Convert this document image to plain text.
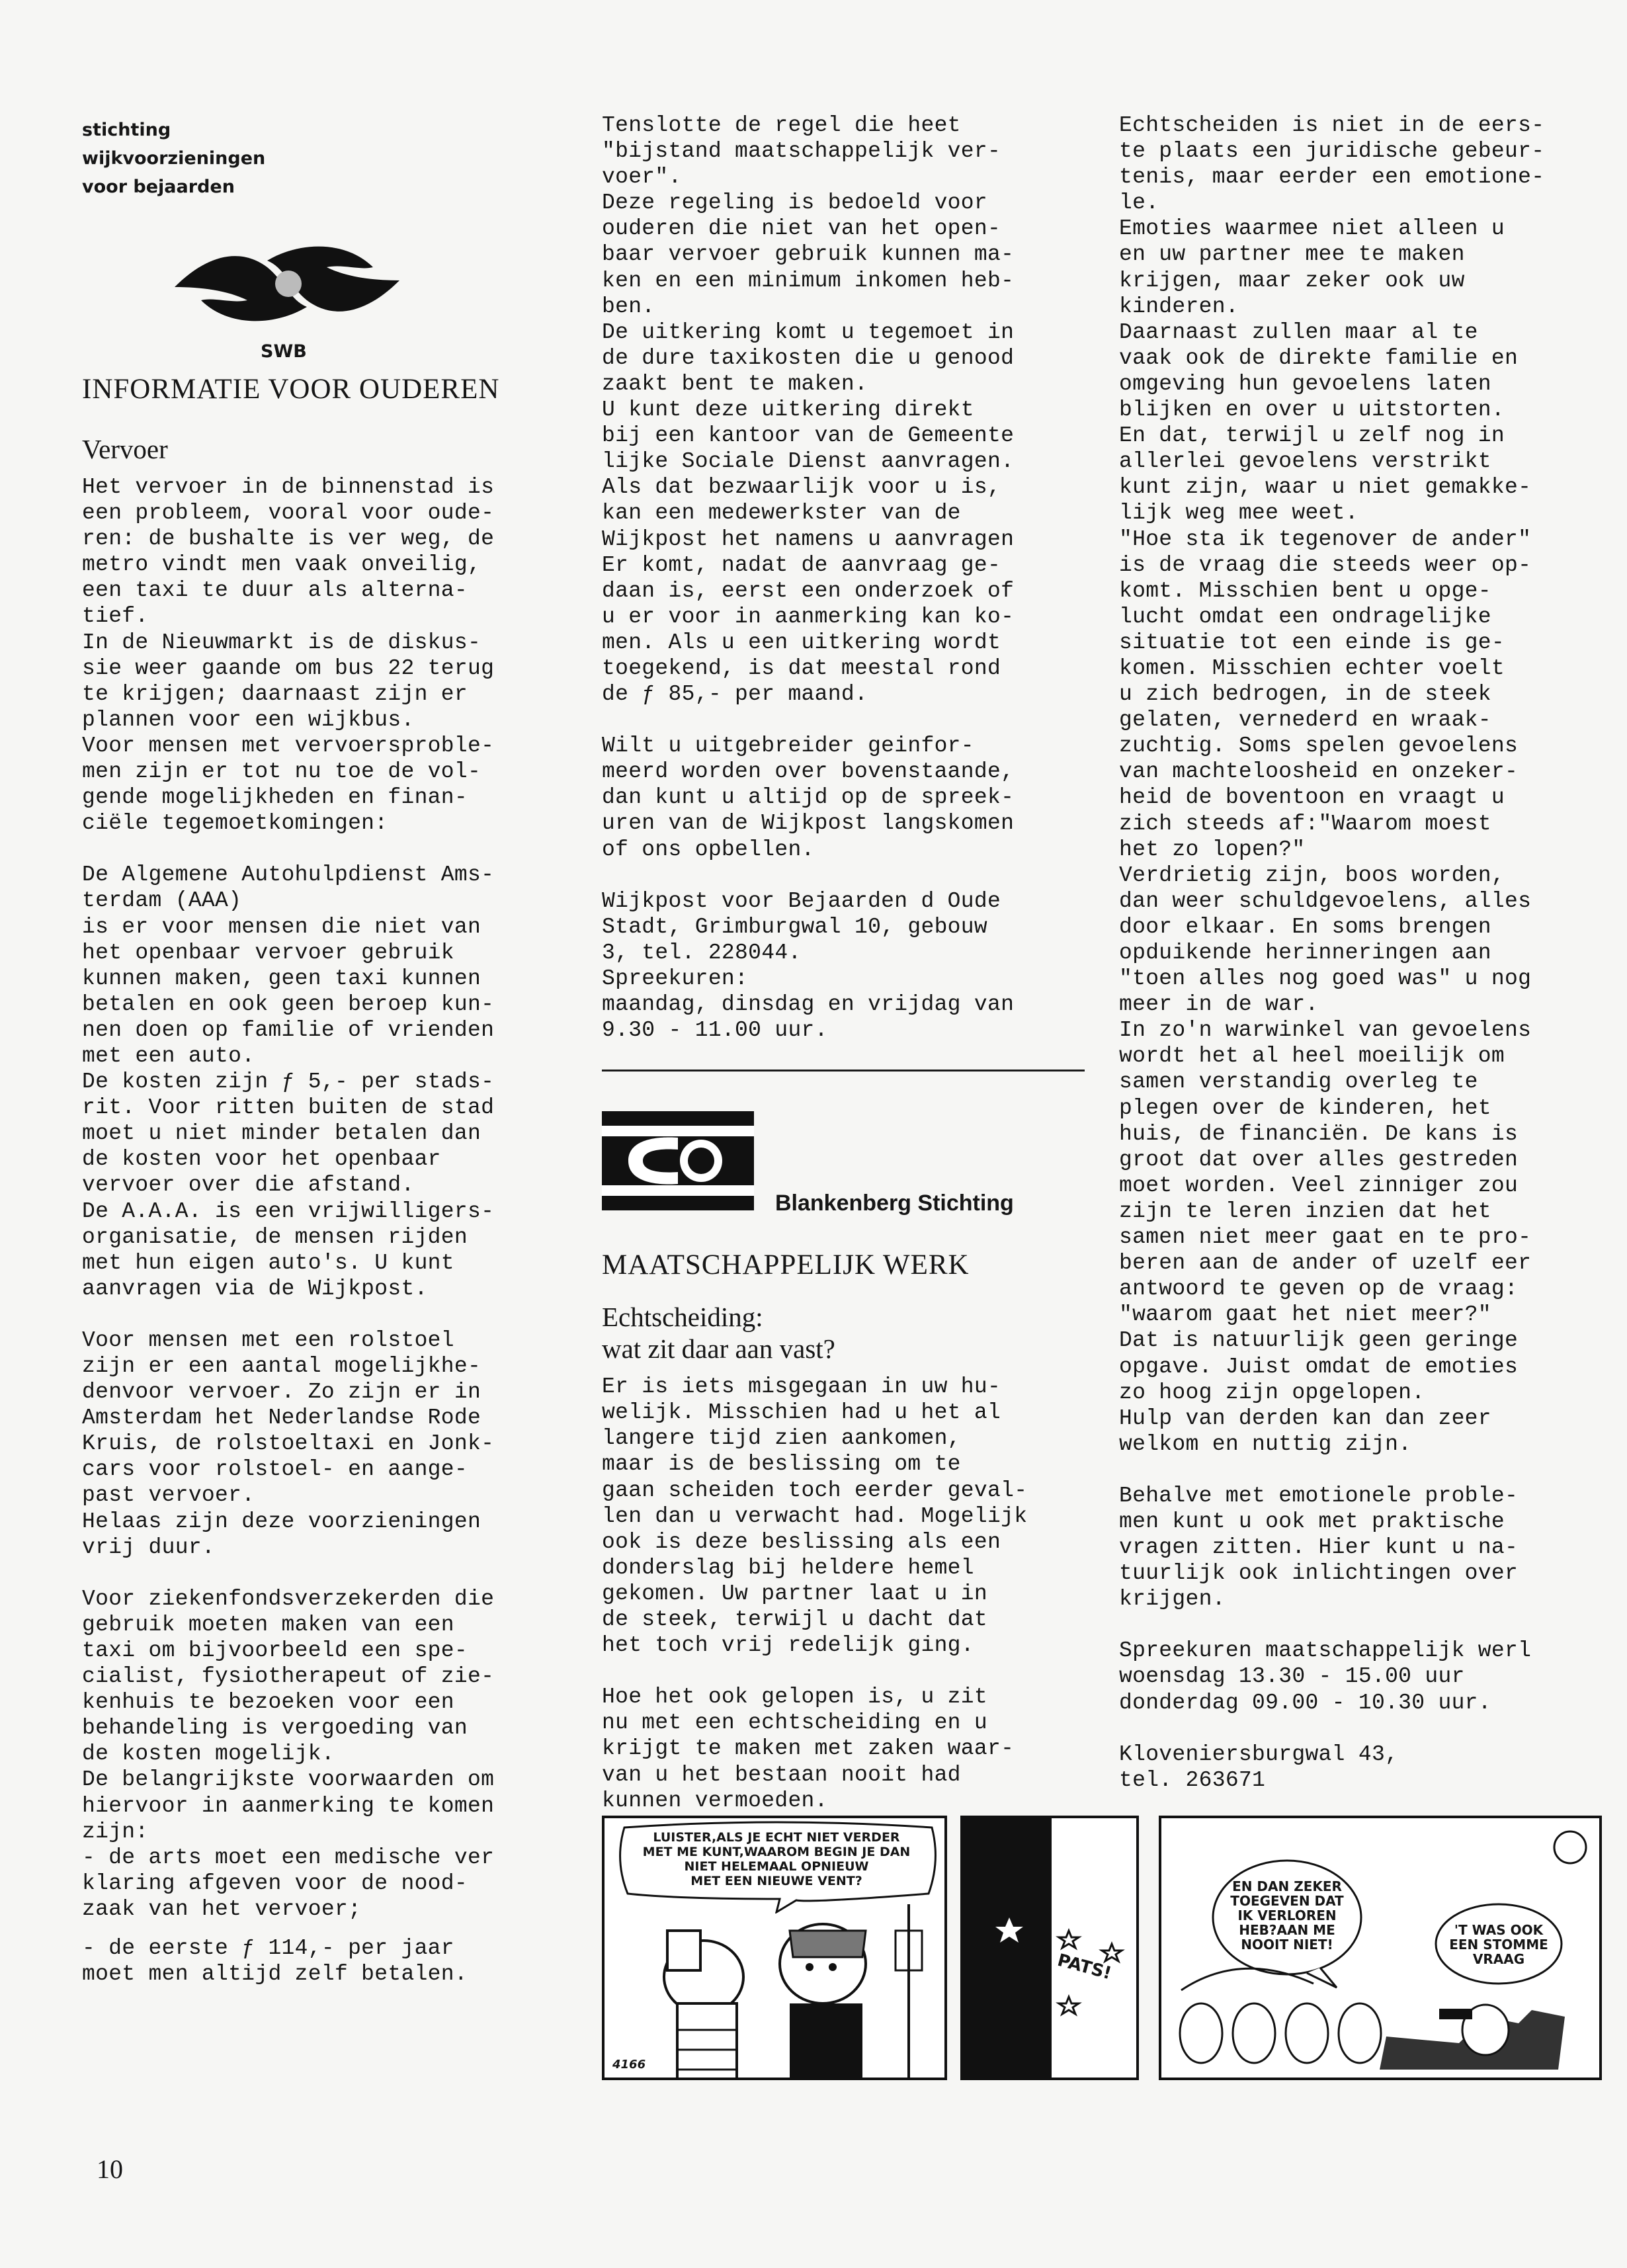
stichting
wijkvoorzieningen
voor bejaarden

SWB
INFORMATIE VOOR OUDEREN
Vervoer

Het vervoer in de binnenstad is
een probleem, vooral voor oude-
ren: de bushalte is ver weg, de
metro vindt men vaak onveilig,
een taxi te duur als alterna-
tief.
In de Nieuwmarkt is de diskus-
sie weer gaande om bus 22 terug
te krijgen; daarnaast zijn er
plannen voor een wijkbus.
Voor mensen met vervoersproble-
men zijn er tot nu toe de vol-
gende mogelijkheden en finan-
ciële tegemoetkomingen:

De Algemene Autohulpdienst Ams-
terdam (AAA)
is er voor mensen die niet van
het openbaar vervoer gebruik
kunnen maken, geen taxi kunnen
betalen en ook geen beroep kun-
nen doen op familie of vrienden
met een auto.
De kosten zijn ƒ 5,- per stads-
rit. Voor ritten buiten de stad
moet u niet minder betalen dan
de kosten voor het openbaar
vervoer over die afstand.
De A.A.A. is een vrijwilligers-
organisatie, de mensen rijden
met hun eigen auto's. U kunt
aanvragen via de Wijkpost.

Voor mensen met een rolstoel
zijn er een aantal mogelijkhe-
denvoor vervoer. Zo zijn er in
Amsterdam het Nederlandse Rode
Kruis, de rolstoeltaxi en Jonk-
cars voor rolstoel- en aange-
past vervoer.
Helaas zijn deze voorzieningen
vrij duur.

Voor ziekenfondsverzekerden die
gebruik moeten maken van een
taxi om bijvoorbeeld een spe-
cialist, fysiotherapeut of zie-
kenhuis te bezoeken voor een
behandeling is vergoeding van
de kosten mogelijk.
De belangrijkste voorwaarden om
hiervoor in aanmerking te komen
zijn:
- de arts moet een medische ver
klaring afgeven voor de nood-
zaak van het vervoer;

- de eerste ƒ 114,- per jaar
moet men altijd zelf betalen.

Tenslotte de regel die heet
"bijstand maatschappelijk ver-
voer".
Deze regeling is bedoeld voor
ouderen die niet van het open-
baar vervoer gebruik kunnen ma-
ken en een minimum inkomen heb-
ben.
De uitkering komt u tegemoet in
de dure taxikosten die u genood
zaakt bent te maken.
U kunt deze uitkering direkt
bij een kantoor van de Gemeente
lijke Sociale Dienst aanvragen.
Als dat bezwaarlijk voor u is,
kan een medewerkster van de
Wijkpost het namens u aanvragen
Er komt, nadat de aanvraag ge-
daan is, eerst een onderzoek of
u er voor in aanmerking kan ko-
men. Als u een uitkering wordt
toegekend, is dat meestal rond
de ƒ 85,- per maand.

Wilt u uitgebreider geinfor-
meerd worden over bovenstaande,
dan kunt u altijd op de spreek-
uren van de Wijkpost langskomen
of ons opbellen.

Wijkpost voor Bejaarden d Oude
Stadt, Grimburgwal 10, gebouw
3, tel. 228044.
Spreekuren:
maandag, dinsdag en vrijdag van
9.30 - 11.00 uur.

Blankenberg Stichting
MAATSCHAPPELIJK WERK
Echtscheiding:
wat zit daar aan vast?

Er is iets misgegaan in uw hu-
welijk. Misschien had u het al
langere tijd zien aankomen,
maar is de beslissing om te
gaan scheiden toch eerder geval-
len dan u verwacht had. Mogelijk
ook is deze beslissing als een
donderslag bij heldere hemel
gekomen. Uw partner laat u in
de steek, terwijl u dacht dat
het toch vrij redelijk ging.

Hoe het ook gelopen is, u zit
nu met een echtscheiding en u
krijgt te maken met zaken waar-
van u het bestaan nooit had
kunnen vermoeden.

Echtscheiden is niet in de eers-
te plaats een juridische gebeur-
tenis, maar eerder een emotione-
le.
Emoties waarmee niet alleen u
en uw partner mee te maken
krijgen, maar zeker ook uw
kinderen.
Daarnaast zullen maar al te
vaak ook de direkte familie en
omgeving hun gevoelens laten
blijken en over u uitstorten.
En dat, terwijl u zelf nog in
allerlei gevoelens verstrikt
kunt zijn, waar u niet gemakke-
lijk weg mee weet.
"Hoe sta ik tegenover de ander"
is de vraag die steeds weer op-
komt. Misschien bent u opge-
lucht omdat een ondragelijke
situatie tot een einde is ge-
komen. Misschien echter voelt
u zich bedrogen, in de steek
gelaten, vernederd en wraak-
zuchtig. Soms spelen gevoelens
van machteloosheid en onzeker-
heid de boventoon en vraagt u
zich steeds af:"Waarom moest
het zo lopen?"
Verdrietig zijn, boos worden,
dan weer schuldgevoelens, alles
door elkaar. En soms brengen
opduikende herinneringen aan
"toen alles nog goed was" u nog
meer in de war.
In zo'n warwinkel van gevoelens
wordt het al heel moeilijk om
samen verstandig overleg te
plegen over de kinderen, het
huis, de financiën. De kans is
groot dat over alles gestreden
moet worden. Veel zinniger zou
zijn te leren inzien dat het
samen niet meer gaat en te pro-
beren aan de ander of uzelf eer
antwoord te geven op de vraag:
"waarom gaat het niet meer?"
Dat is natuurlijk geen geringe
opgave. Juist omdat de emoties
zo hoog zijn opgelopen.
Hulp van derden kan dan zeer
welkom en nuttig zijn.

Behalve met emotionele proble-
men kunt u ook met praktische
vragen zitten. Hier kunt u na-
tuurlijk ook inlichtingen over
krijgen.

Spreekuren maatschappelijk werl
woensdag 13.30 - 15.00 uur
donderdag 09.00 - 10.30 uur.

Kloveniersburgwal 43,
tel. 263671

LUISTER,ALS JE ECHT NIET VERDER
MET ME KUNT,WAAROM BEGIN JE DAN
NIET HELEMAAL OPNIEUW
MET EEN NIEUWE VENT?
4166
PATS!
EN DAN ZEKER
TOEGEVEN DAT
IK VERLOREN
HEB?AAN ME
NOOIT NIET!
'T WAS OOK
EEN STOMME
VRAAG
10
